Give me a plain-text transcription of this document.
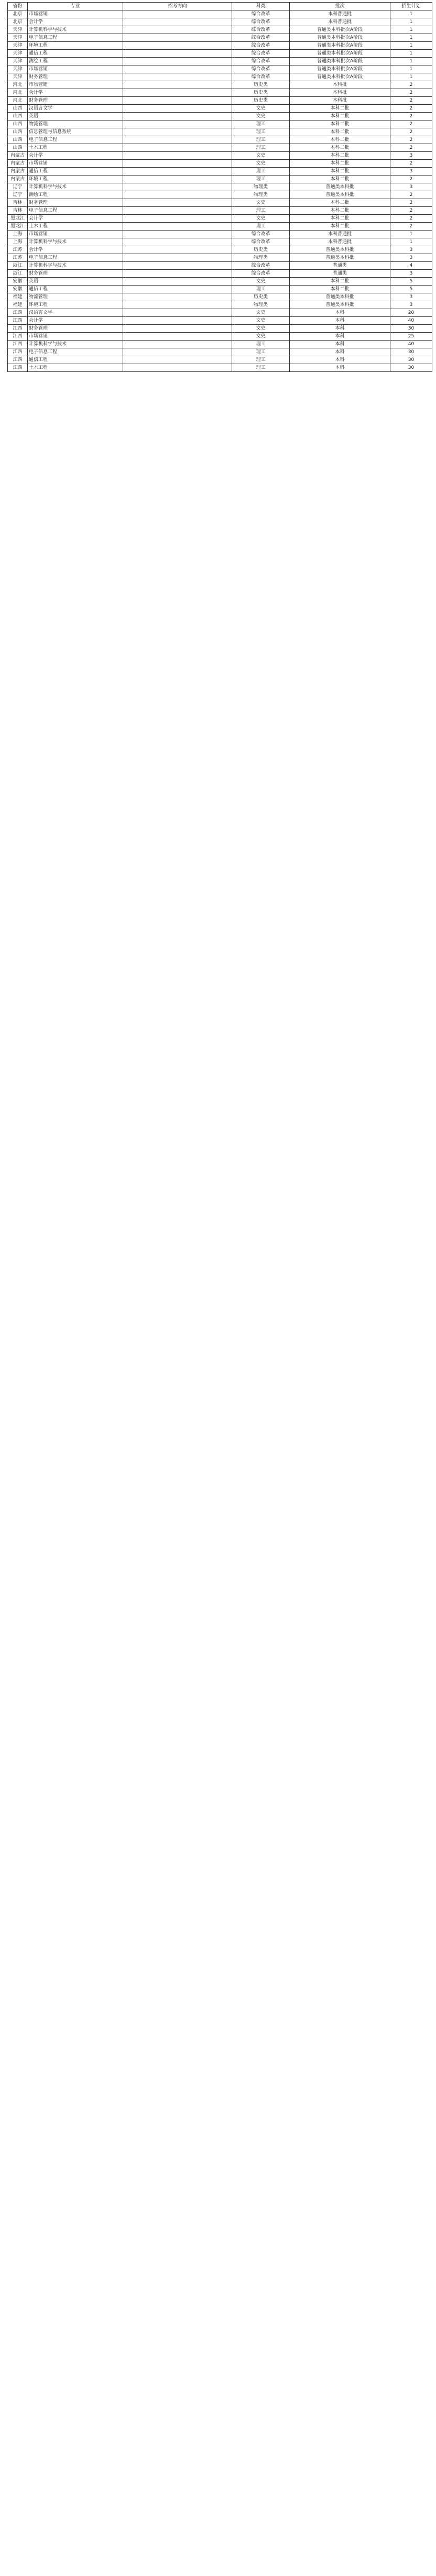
省份	专业	招考方向	科类	批次	招生计划
北京	市场营销		综合改革	本科普通批	1
北京	会计学		综合改革	本科普通批	1
天津	计算机科学与技术		综合改革	普通类本科批次A阶段	1
天津	电子信息工程		综合改革	普通类本科批次A阶段	1
天津	环境工程		综合改革	普通类本科批次A阶段	1
天津	通信工程		综合改革	普通类本科批次A阶段	1
天津	测绘工程		综合改革	普通类本科批次A阶段	1
天津	市场营销		综合改革	普通类本科批次A阶段	1
天津	财务管理		综合改革	普通类本科批次A阶段	1
河北	市场营销		历史类	本科批	2
河北	会计学		历史类	本科批	2
河北	财务管理		历史类	本科批	2
山西	汉语言文学		文史	本科二批	2
山西	英语		文史	本科二批	2
山西	物流管理		理工	本科二批	2
山西	信息管理与信息系统		理工	本科二批	2
山西	电子信息工程		理工	本科二批	2
山西	土木工程		理工	本科二批	2
内蒙古	会计学		文史	本科二批	3
内蒙古	市场营销		文史	本科二批	2
内蒙古	通信工程		理工	本科二批	3
内蒙古	环境工程		理工	本科二批	2
辽宁	计算机科学与技术		物理类	普通类本科批	3
辽宁	测绘工程		物理类	普通类本科批	2
吉林	财务管理		文史	本科二批	2
吉林	电子信息工程		理工	本科二批	2
黑龙江	会计学		文史	本科二批	2
黑龙江	土木工程		理工	本科二批	2
上海	市场营销		综合改革	本科普通批	1
上海	计算机科学与技术		综合改革	本科普通批	1
江苏	会计学		历史类	普通类本科批	3
江苏	电子信息工程		物理类	普通类本科批	3
浙江	计算机科学与技术		综合改革	普通类	4
浙江	财务管理		综合改革	普通类	3
安徽	英语		文史	本科二批	5
安徽	通信工程		理工	本科二批	5
福建	物流管理		历史类	普通类本科批	3
福建	环境工程		物理类	普通类本科批	3
江西	汉语言文学		文史	本科	20
江西	会计学		文史	本科	40
江西	财务管理		文史	本科	30
江西	市场营销		文史	本科	25
江西	计算机科学与技术		理工	本科	40
江西	电子信息工程		理工	本科	30
江西	通信工程		理工	本科	30
江西	土木工程		理工	本科	30
